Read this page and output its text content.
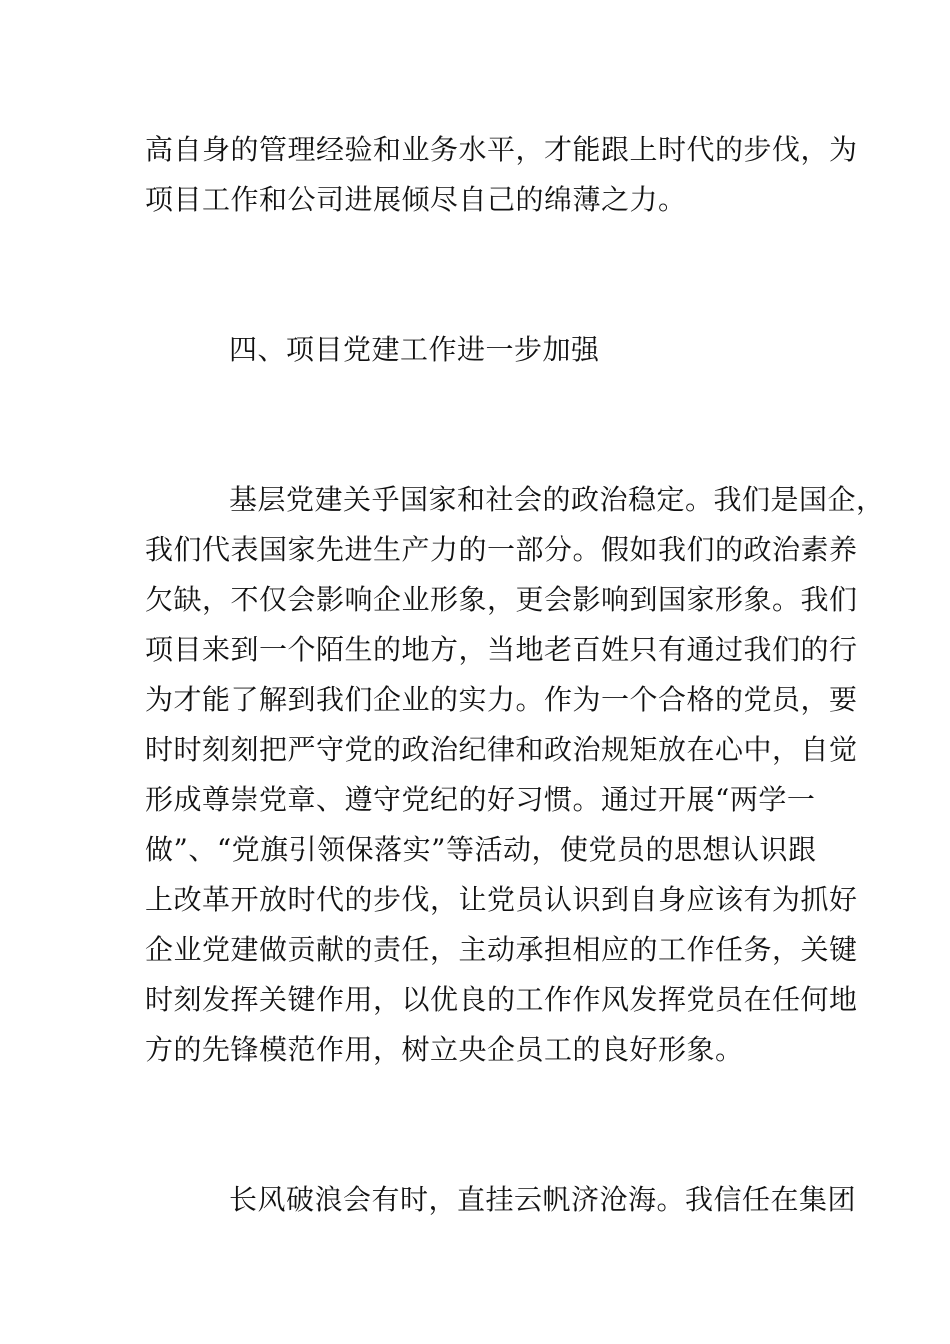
高自身的管理经验和业务水平，才能跟上时代的步伐，为
项目工作和公司进展倾尽自己的绵薄之力。
四、项目党建工作进一步加强
基层党建关乎国家和社会的政治稳定。我们是国企，
我们代表国家先进生产力的一部分。假如我们的政治素养
欠缺，不仅会影响企业形象，更会影响到国家形象。我们
项目来到一个陌生的地方，当地老百姓只有通过我们的行
为才能了解到我们企业的实力。作为一个合格的党员，要
时时刻刻把严守党的政治纪律和政治规矩放在心中，自觉
形成尊崇党章、遵守党纪的好习惯。通过开展“两学一
做”、“党旗引领保落实”等活动，使党员的思想认识跟
上改革开放时代的步伐，让党员认识到自身应该有为抓好
企业党建做贡献的责任，主动承担相应的工作任务，关键
时刻发挥关键作用，以优良的工作作风发挥党员在任何地
方的先锋模范作用，树立央企员工的良好形象。
长风破浪会有时，直挂云帆济沧海。我信任在集团
